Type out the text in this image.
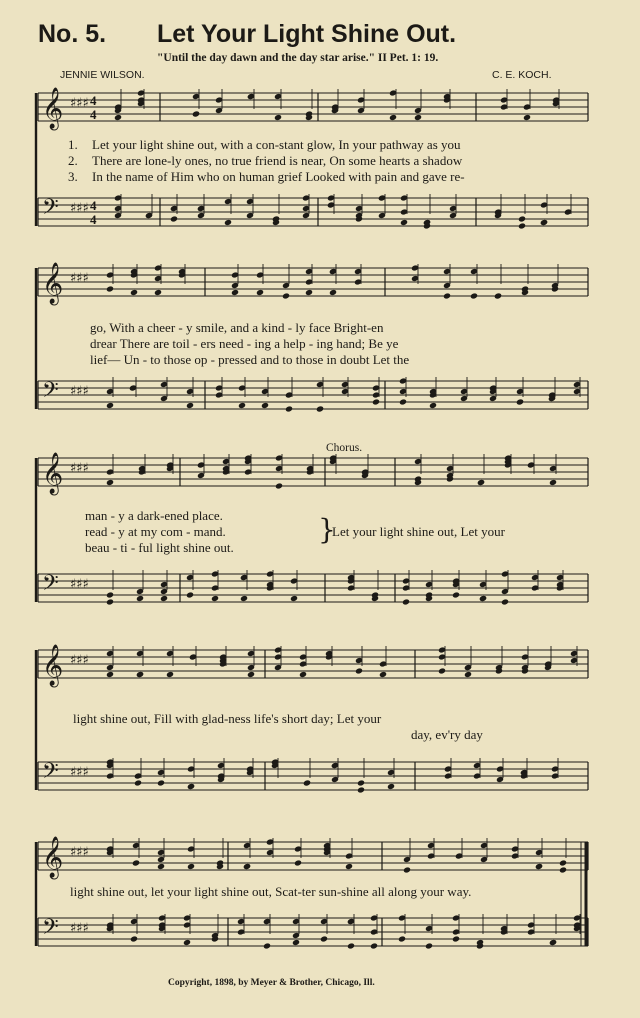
𝄞 ♯♯♯
𝄢 ♯♯♯
𝄞 ♯♯♯
𝄢 ♯♯♯
𝄞 ♯♯♯
𝄢 ♯♯♯
𝄞 ♯♯♯
𝄢 ♯♯♯
𝄞 ♯♯♯
𝄢 ♯♯♯
4
4
4
4
No. 5. Let Your Light Shine Out.
"Until the day dawn and the day star arise." II Pet. 1: 19.
JENNIE WILSON.	C. E. KOCH.
1. Let your light shine out, with a con-stant glow, In your pathway as you
2. There are lone-ly ones, no true friend is near, On some hearts a shadow
3. In the name of Him who on human grief Looked with pain and gave re-
go, With a cheer - y smile, and a kind - ly face Bright-en
drear There are toil - ers need - ing a help - ing hand; Be ye
lief— Un - to those op - pressed and to those in doubt Let the
Chorus.
man - y a dark-ened place.
read - y at my com - mand.
beau - ti - ful light shine out.
}
Let your light shine out, Let your
light shine out, Fill with glad-ness life's short day; Let your
day, ev'ry day
light shine out, let your light shine out, Scat-ter sun-shine all along your way.
Copyright, 1898, by Meyer & Brother, Chicago, Ill.
